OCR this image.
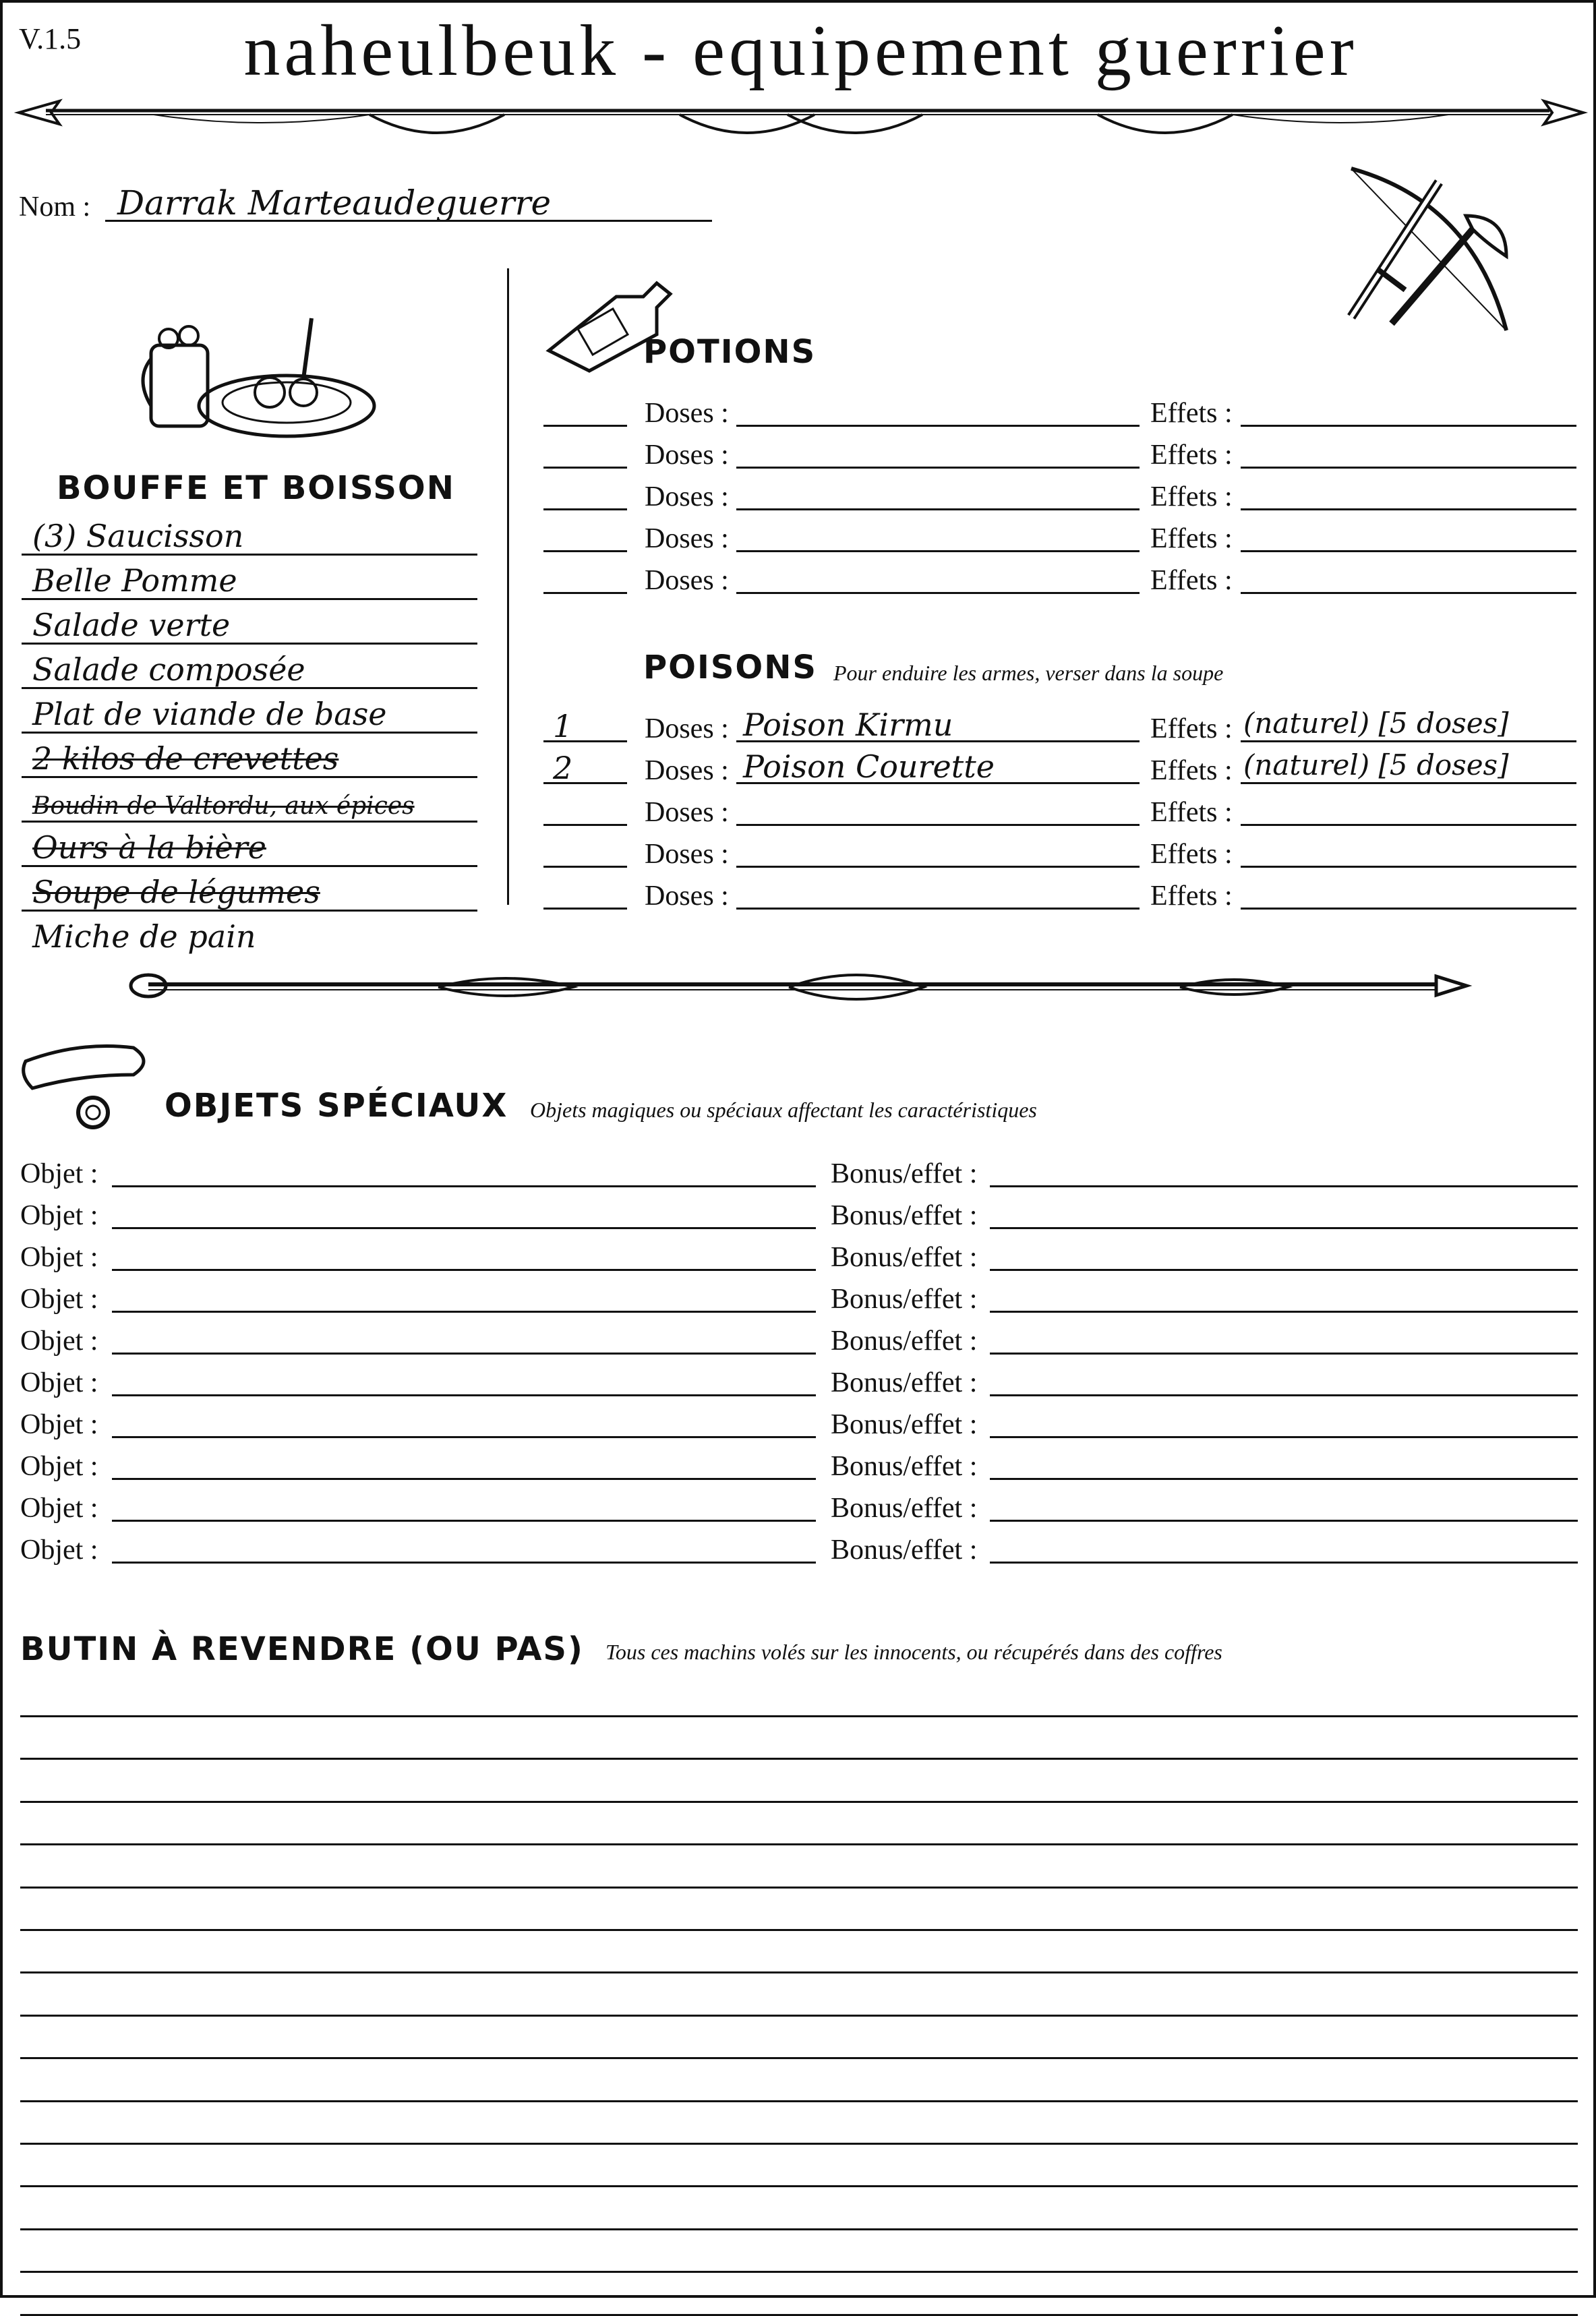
V.1.5	naheulbeuk - equipement guerrier
Nom : Darrak Marteaudeguerre
BOUFFE ET BOISSON
(3) Saucisson
Belle Pomme
Salade verte
Salade composée
Plat de viande de base
2 kilos de crevettes
Boudin de Valtordu, aux épices
Ours à la bière
Soupe de légumes
Miche de pain
POTIONS
Doses :	Effets :
Doses :	Effets :
Doses :	Effets :
Doses :	Effets :
Doses :	Effets :
POISONS Pour enduire les armes, verser dans la soupe
1	Doses : Poison Kirmu	Effets : (naturel) [5 doses]
2	Doses : Poison Courette	Effets : (naturel) [5 doses]
Doses :	Effets :
Doses :	Effets :
Doses :	Effets :
OBJETS SPÉCIAUX Objets magiques ou spéciaux affectant les caractéristiques
Objet :	Bonus/effet :
Objet :	Bonus/effet :
Objet :	Bonus/effet :
Objet :	Bonus/effet :
Objet :	Bonus/effet :
Objet :	Bonus/effet :
Objet :	Bonus/effet :
Objet :	Bonus/effet :
Objet :	Bonus/effet :
Objet :	Bonus/effet :
BUTIN À REVENDRE (OU PAS) Tous ces machins volés sur les innocents, ou récupérés dans des coffres
